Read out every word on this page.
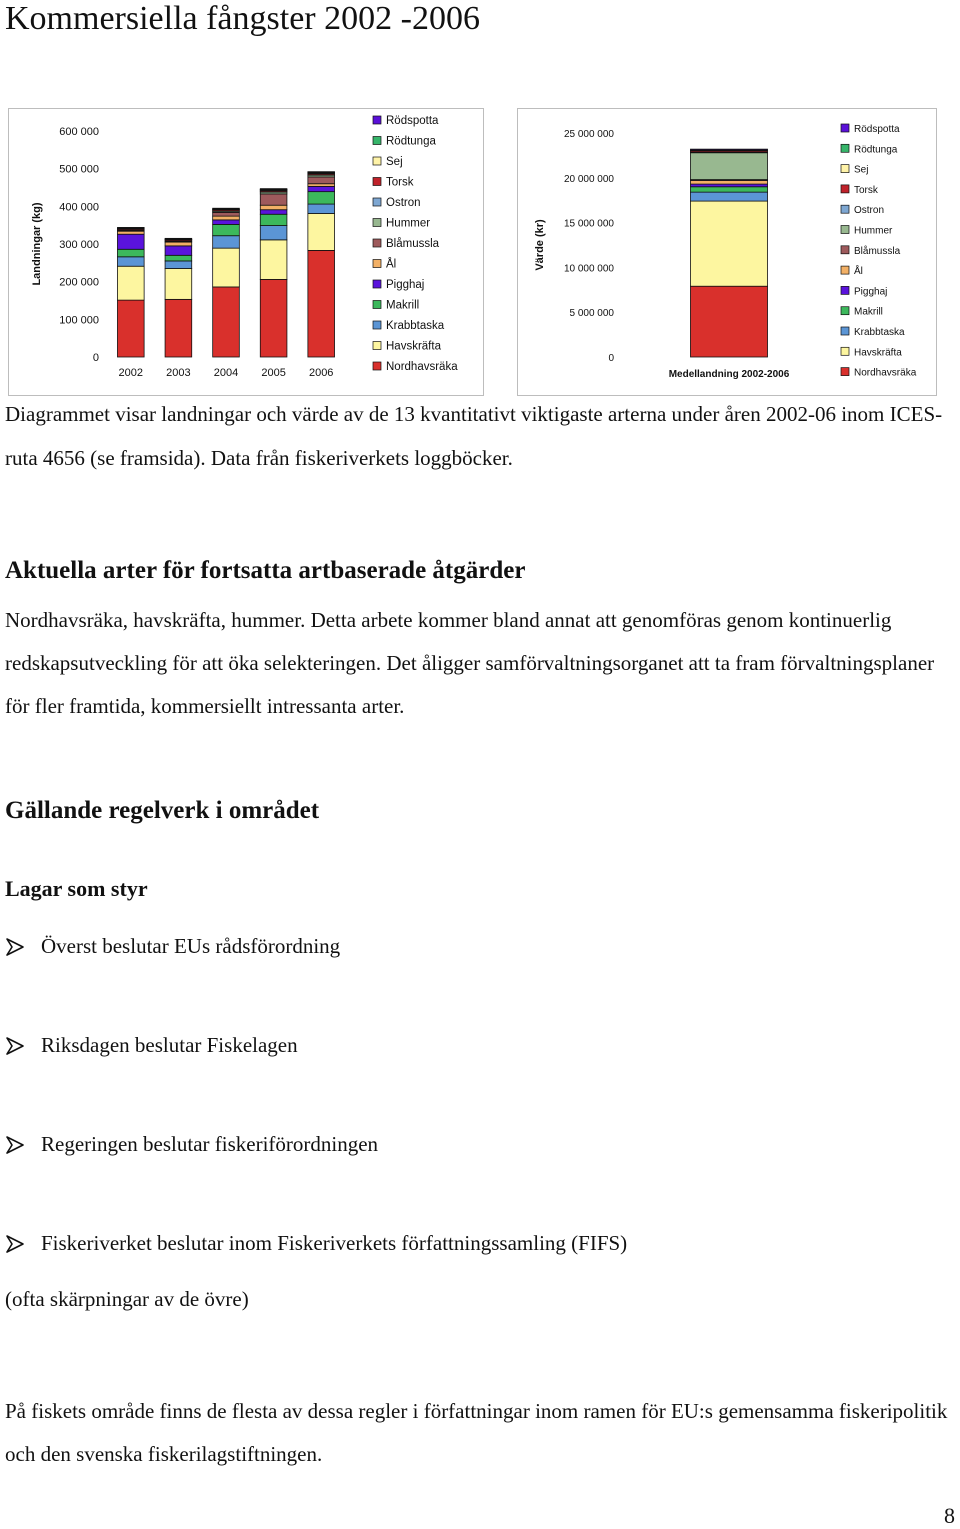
Kommersiella fångster 2002 -2006
600 000
500 000
400 000
300 000
200 000
100 000
0
Landningar (kg)
2002 2003 2004 2005 2006
Rödspotta
Rödtunga
Sej
Torsk
Ostron
Hummer
Blåmussla
Ål
Pigghaj
Makrill
Krabbtaska
Havskräfta
Nordhavsräka
25 000 000
20 000 000
15 000 000
10 000 000
5 000 000
0
Värde (kr)
Medellandning 2002-2006
Rödspotta
Rödtunga
Sej
Torsk
Ostron
Hummer
Blåmussla
Ål
Pigghaj
Makrill
Krabbtaska
Havskräfta
Nordhavsräka

Diagrammet visar landningar och värde av de 13 kvantitativt viktigaste arterna under åren 2002-06 inom ICES-ruta 4656 (se framsida). Data från fiskeriverkets loggböcker.

Aktuella arter för fortsatta artbaserade åtgärder

Nordhavsräka, havskräfta, hummer. Detta arbete kommer bland annat att genomföras genom kontinuerlig redskapsutveckling för att öka selekteringen. Det åligger samförvaltningsorganet att ta fram förvaltningsplaner för fler framtida, kommersiellt intressanta arter.

Gällande regelverk i området
Lagar som styr
Överst beslutar EUs rådsförordning
Riksdagen beslutar Fiskelagen
Regeringen beslutar fiskeriförordningen
Fiskeriverket beslutar inom Fiskeriverkets författningssamling (FIFS)

(ofta skärpningar av de övre)

På fiskets område finns de flesta av dessa regler i författningar inom ramen för EU:s gemensamma fiskeripolitik och den svenska fiskerilagstiftningen.

8
